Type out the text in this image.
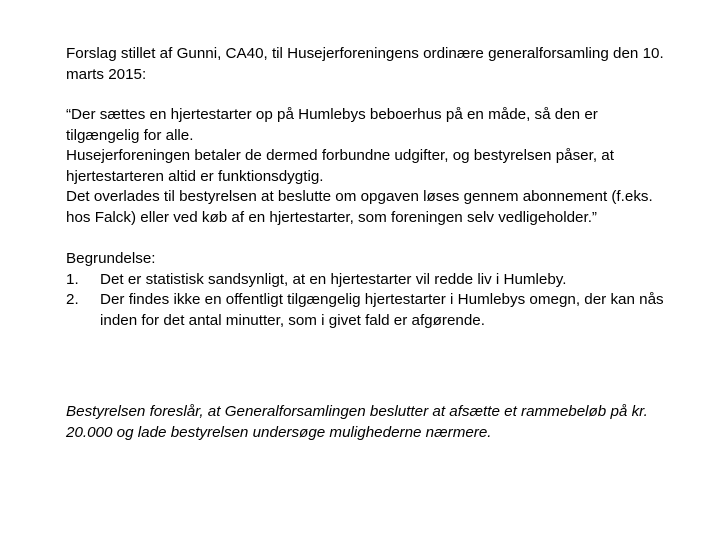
Forslag stillet af Gunni, CA40, til Husejerforeningens ordinære generalforsamling den 10. marts 2015:

“Der sættes en hjertestarter op på Humlebys beboerhus på en måde, så den er tilgængelig for alle.

Husejerforeningen betaler de dermed forbundne udgifter, og bestyrelsen påser, at hjertestarteren altid er funktionsdygtig.

Det overlades til bestyrelsen at beslutte om opgaven løses gennem abonnement (f.eks. hos Falck) eller ved køb af en hjertestarter, som foreningen selv vedligeholder.”

Begrundelse:

1.	Det er statistisk sandsynligt, at en hjertestarter vil redde liv i Humleby.
2.	Der findes ikke en offentligt tilgængelig hjertestarter i Humlebys omegn, der kan nås inden for det antal minutter, som i givet fald er afgørende.

Bestyrelsen foreslår, at Generalforsamlingen beslutter at afsætte et rammebeløb på kr. 20.000 og lade bestyrelsen undersøge mulighederne nærmere.
